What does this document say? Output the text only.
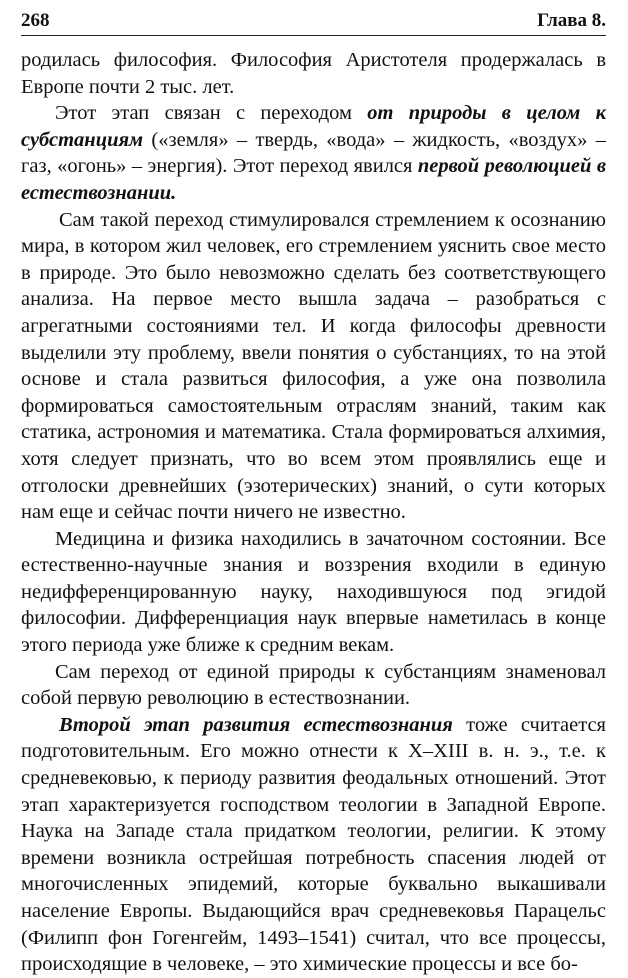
268	Глава 8.

родилась философия. Философия Аристотеля продержалась в Европе почти 2 тыс. лет.

Этот этап связан с переходом от природы в целом к субстанциям («земля» – твердь, «вода» – жидкость, «воздух» – газ, «огонь» – энергия). Этот переход явился первой революцией в естествознании.

Сам такой переход стимулировался стремлением к осознанию мира, в котором жил человек, его стремлением уяснить свое место в природе. Это было невозможно сделать без соответствующего анализа. На первое место вышла задача – разобраться с агрегатными состояниями тел. И когда философы древности выделили эту проблему, ввели понятия о субстанциях, то на этой основе и стала развиться философия, а уже она позволила формироваться самостоятельным отраслям знаний, таким как статика, астрономия и математика. Стала формироваться алхимия, хотя следует признать, что во всем этом проявлялись еще и отголоски древнейших (эзотерических) знаний, о сути которых нам еще и сейчас почти ничего не известно.

Медицина и физика находились в зачаточном состоянии. Все естественно-научные знания и воззрения входили в единую недифференцированную науку, находившуюся под эгидой философии. Дифференциация наук впервые наметилась в конце этого периода уже ближе к средним векам.

Сам переход от единой природы к субстанциям знаменовал собой первую революцию в естествознании.

Второй этап развития естествознания тоже считается подготовительным. Его можно отнести к X–XIII в. н. э., т.е. к средневековью, к периоду развития феодальных отношений. Этот этап характеризуется господством теологии в Западной Европе. Наука на Западе стала придатком теологии, религии. К этому времени возникла острейшая потребность спасения людей от многочисленных эпидемий, которые буквально выкашивали население Европы. Выдающийся врач средневековья Парацельс (Филипп фон Гогенгейм, 1493–1541) считал, что все процессы, происходящие в человеке, – это химические процессы и все бо-
